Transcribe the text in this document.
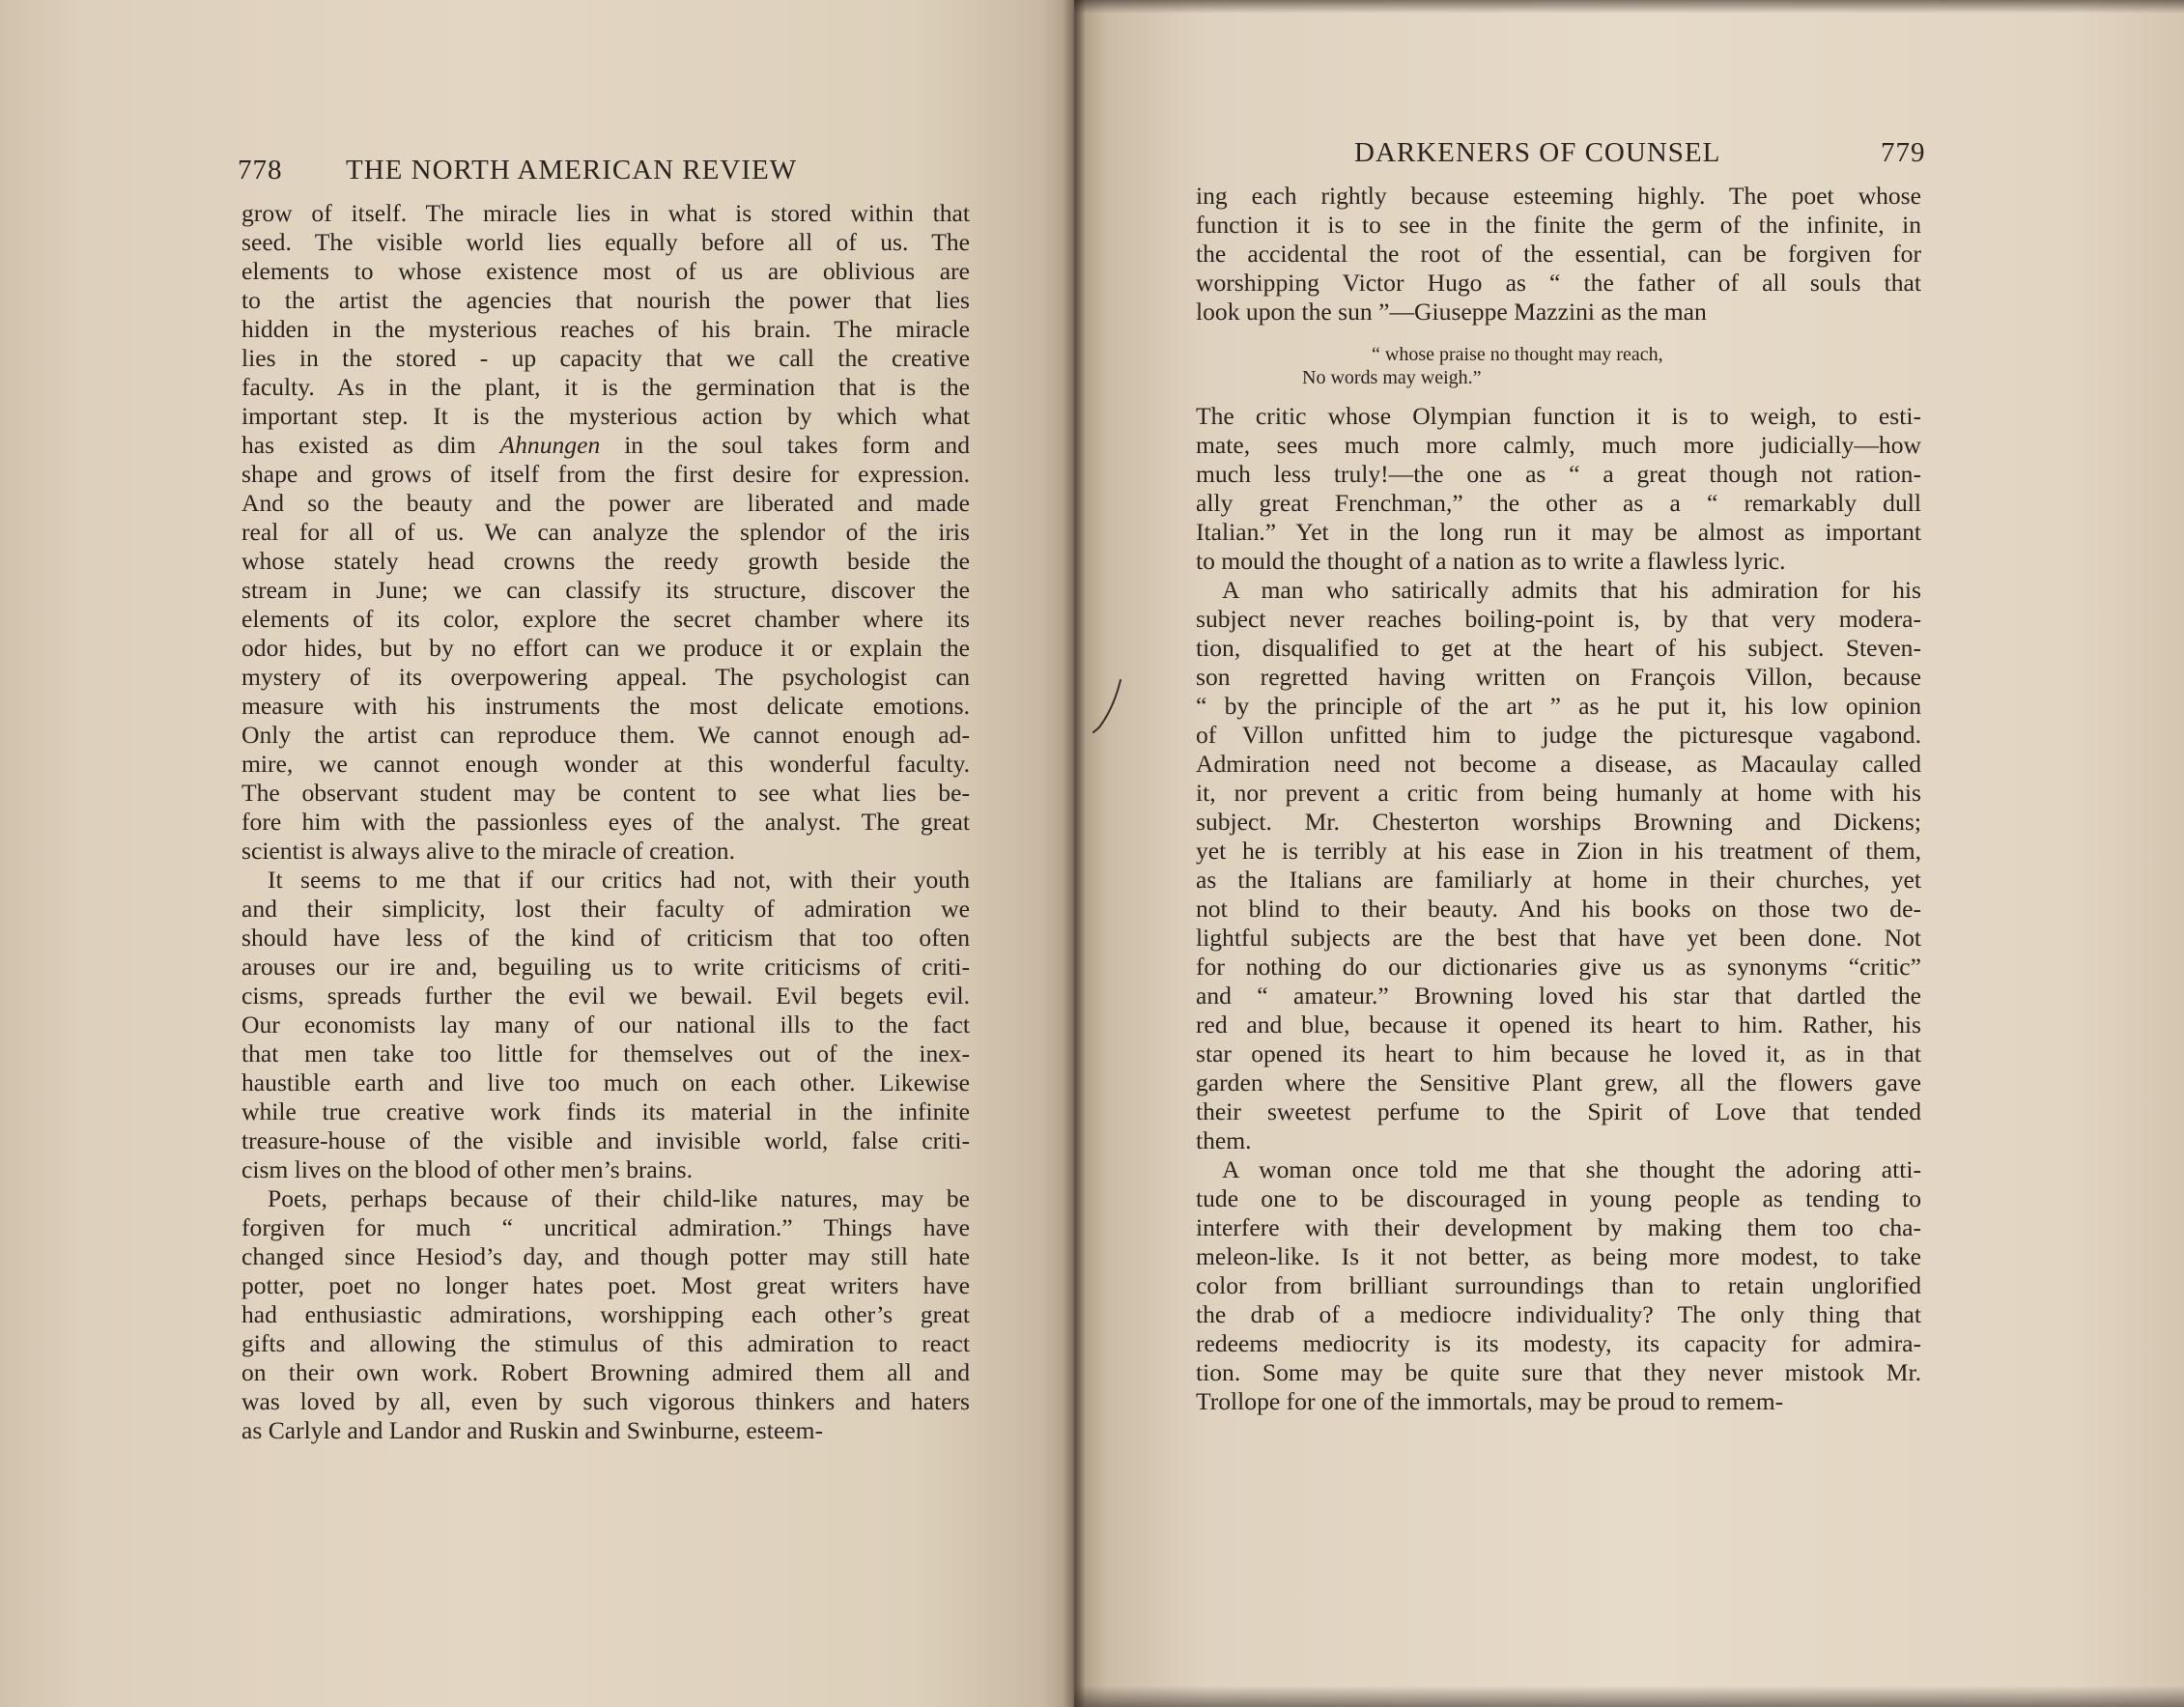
778 THE NORTH AMERICAN REVIEW
grow of itself. The miracle lies in what is stored within that
seed. The visible world lies equally before all of us. The
elements to whose existence most of us are oblivious are
to the artist the agencies that nourish the power that lies
hidden in the mysterious reaches of his brain. The miracle
lies in the stored - up capacity that we call the creative
faculty. As in the plant, it is the germination that is the
important step. It is the mysterious action by which what
has existed as dim Ahnungen in the soul takes form and
shape and grows of itself from the first desire for expression.
And so the beauty and the power are liberated and made
real for all of us. We can analyze the splendor of the iris
whose stately head crowns the reedy growth beside the
stream in June; we can classify its structure, discover the
elements of its color, explore the secret chamber where its
odor hides, but by no effort can we produce it or explain the
mystery of its overpowering appeal. The psychologist can
measure with his instruments the most delicate emotions.
Only the artist can reproduce them. We cannot enough ad-
mire, we cannot enough wonder at this wonderful faculty.
The observant student may be content to see what lies be-
fore him with the passionless eyes of the analyst. The great
scientist is always alive to the miracle of creation.
It seems to me that if our critics had not, with their youth
and their simplicity, lost their faculty of admiration we
should have less of the kind of criticism that too often
arouses our ire and, beguiling us to write criticisms of criti-
cisms, spreads further the evil we bewail. Evil begets evil.
Our economists lay many of our national ills to the fact
that men take too little for themselves out of the inex-
haustible earth and live too much on each other. Likewise
while true creative work finds its material in the infinite
treasure-house of the visible and invisible world, false criti-
cism lives on the blood of other men’s brains.
Poets, perhaps because of their child-like natures, may be
forgiven for much “ uncritical admiration.” Things have
changed since Hesiod’s day, and though potter may still hate
potter, poet no longer hates poet. Most great writers have
had enthusiastic admirations, worshipping each other’s great
gifts and allowing the stimulus of this admiration to react
on their own work. Robert Browning admired them all and
was loved by all, even by such vigorous thinkers and haters
as Carlyle and Landor and Ruskin and Swinburne, esteem-
DARKENERS OF COUNSEL	779
ing each rightly because esteeming highly. The poet whose
function it is to see in the finite the germ of the infinite, in
the accidental the root of the essential, can be forgiven for
worshipping Victor Hugo as “ the father of all souls that
look upon the sun ”—Giuseppe Mazzini as the man
“ whose praise no thought may reach,
No words may weigh.”
The critic whose Olympian function it is to weigh, to esti-
mate, sees much more calmly, much more judicially—how
much less truly!—the one as “ a great though not ration-
ally great Frenchman,” the other as a “ remarkably dull
Italian.” Yet in the long run it may be almost as important
to mould the thought of a nation as to write a flawless lyric.
A man who satirically admits that his admiration for his
subject never reaches boiling-point is, by that very modera-
tion, disqualified to get at the heart of his subject. Steven-
son regretted having written on François Villon, because
“ by the principle of the art ” as he put it, his low opinion
of Villon unfitted him to judge the picturesque vagabond.
Admiration need not become a disease, as Macaulay called
it, nor prevent a critic from being humanly at home with his
subject. Mr. Chesterton worships Browning and Dickens;
yet he is terribly at his ease in Zion in his treatment of them,
as the Italians are familiarly at home in their churches, yet
not blind to their beauty. And his books on those two de-
lightful subjects are the best that have yet been done. Not
for nothing do our dictionaries give us as synonyms “critic”
and “ amateur.” Browning loved his star that dartled the
red and blue, because it opened its heart to him. Rather, his
star opened its heart to him because he loved it, as in that
garden where the Sensitive Plant grew, all the flowers gave
their sweetest perfume to the Spirit of Love that tended
them.
A woman once told me that she thought the adoring atti-
tude one to be discouraged in young people as tending to
interfere with their development by making them too cha-
meleon-like. Is it not better, as being more modest, to take
color from brilliant surroundings than to retain unglorified
the drab of a mediocre individuality? The only thing that
redeems mediocrity is its modesty, its capacity for admira-
tion. Some may be quite sure that they never mistook Mr.
Trollope for one of the immortals, may be proud to remem-
